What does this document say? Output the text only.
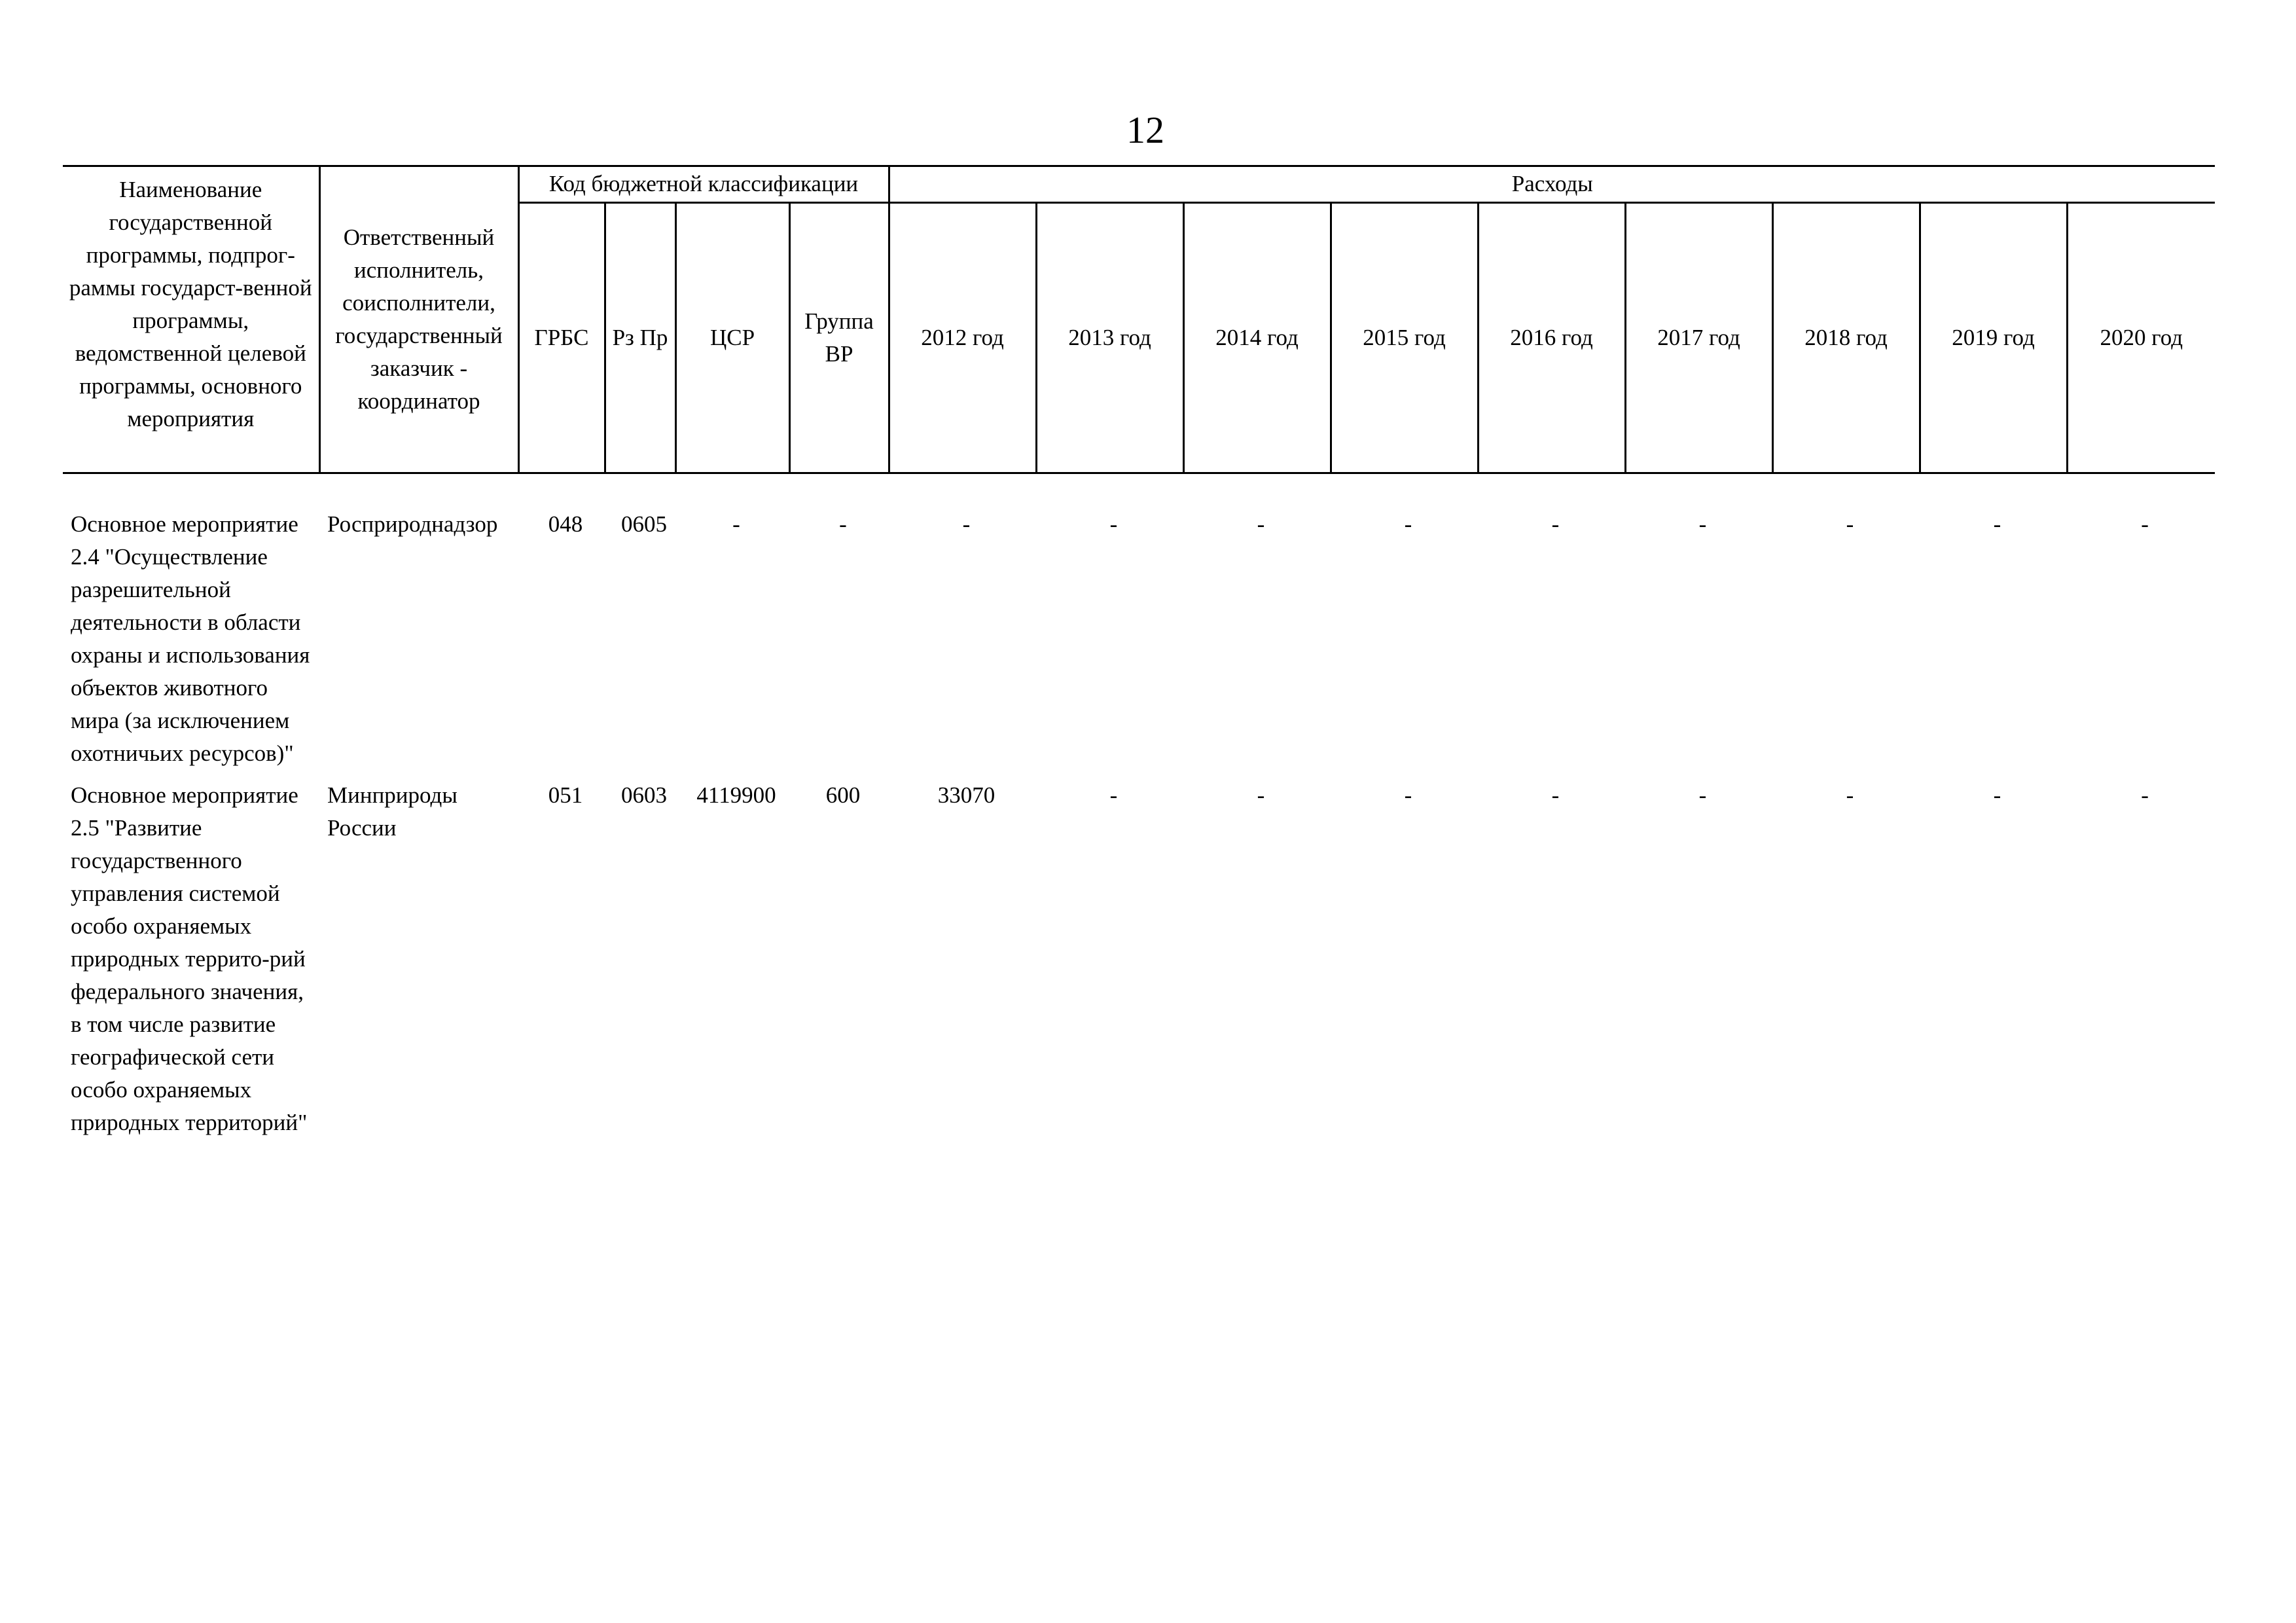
12
Наименование государственной программы, подпрог-раммы государст-венной программы, ведомственной целевой программы, основного мероприятия	Ответственный исполнитель, соисполнители, государственный заказчик - координатор	Код бюджетной классификации				Расходы								
		ГРБС	Рз Пр	ЦСР	Группа ВР	2012 год	2013 год	2014 год	2015 год	2016 год	2017 год	2018 год	2019 год	2020 год

Основное мероприятие 2.4 "Осуществление разрешительной деятельности в области охраны и использования объектов животного мира (за исключением охотничьих ресурсов)"	Росприроднадзор	048	0605	-	-	-	-	-	-	-	-	-	-	-
Основное мероприятие 2.5 "Развитие государственного управления системой особо охраняемых природных террито-рий федерального значения, в том числе развитие географической сети особо охраняемых природных территорий"	Минприроды России	051	0603	4119900	600	33070	-	-	-	-	-	-	-	-
